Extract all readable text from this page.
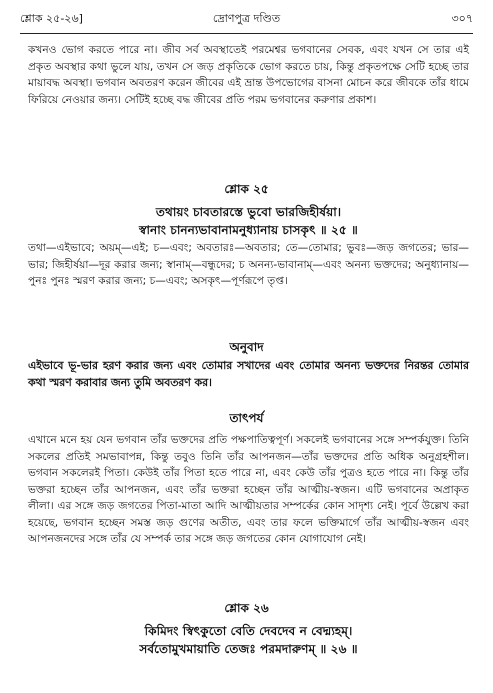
শ্লোক ২৫-২৬]	দ্রোণপুত্র দণ্ডিত	৩০৭
কখনও ভোগ করতে পারে না। জীব সর্ব অবস্থাতেই পরমেশ্বর ভগবানের সেবক, এবং যখন সে তার এই প্রকৃত অবস্থার কথা ভুলে যায়, তখন সে জড় প্রকৃতিকে ভোগ করতে চায়, কিন্তু প্রকৃতপক্ষে সেটি হচ্ছে তার মায়াবদ্ধ অবস্থা। ভগবান অবতরণ করেন জীবের এই ভ্রান্ত উপভোগের বাসনা মোচন করে জীবকে তাঁর ধামে ফিরিয়ে নেওয়ার জন্য। সেটিই হচ্ছে বদ্ধ জীবের প্রতি পরম ভগবানের করুণার প্রকাশ।
শ্লোক ২৫
তথায়ং চাবতারস্তে ভুবো ভারজিহীর্ষয়া।
স্বানাং চানন্যভাবানামনুধ্যানায় চাসকৃৎ ॥ ২৫ ॥
তথা—এইভাবে; অয়ম্—এই; চ—এবং; অবতারঃ—অবতার; তে—তোমার; ভুবঃ—জড় জগতের; ভার—ভার; জিহীর্ষয়া—দূর করার জন্য; স্বানাম্—বন্ধুদের; চ অনন্য-ভাবানাম্—এবং অনন্য ভক্তদের; অনুধ্যানায়—পুনঃ পুনঃ স্মরণ করার জন্য; চ—এবং; অসকৃৎ—পূর্ণরূপে তৃপ্ত।
অনুবাদ
এইভাবে ভূ-ভার হরণ করার জন্য এবং তোমার সখাদের এবং তোমার অনন্য ভক্তদের নিরন্তর তোমার কথা স্মরণ করাবার জন্য তুমি অবতরণ কর।
তাৎপর্য
এখানে মনে হয় যেন ভগবান তাঁর ভক্তদের প্রতি পক্ষপাতিত্বপূর্ণ। সকলেই ভগবানের সঙ্গে সম্পর্কযুক্ত। তিনি সকলের প্রতিই সমভাবাপন্ন, কিন্তু তবুও তিনি তাঁর আপনজন—তাঁর ভক্তদের প্রতি অধিক অনুগ্রহশীল। ভগবান সকলেরই পিতা। কেউই তাঁর পিতা হতে পারে না, এবং কেউ তাঁর পুত্রও হতে পারে না। কিন্তু তাঁর ভক্তরা হচ্ছেন তাঁর আপনজন, এবং তাঁর ভক্তরা হচ্ছেন তাঁর আত্মীয়-স্বজন। এটি ভগবানের অপ্রাকৃত লীলা। এর সঙ্গে জড় জগতের পিতা-মাতা আদি আত্মীয়তার সম্পর্কের কোন সাদৃশ্য নেই। পূর্বে উল্লেখ করা হয়েছে, ভগবান হচ্ছেন সমস্ত জড় গুণের অতীত, এবং তার ফলে ভক্তিমার্গে তাঁর আত্মীয়-স্বজন এবং আপনজনদের সঙ্গে তাঁর যে সম্পর্ক তার সঙ্গে জড় জগতের কোন যোগাযোগ নেই।
শ্লোক ২৬
কিমিদং স্বিৎকুতো বেতি দেবদেব ন বেদ্ম্যহম্।
সর্বতোমুখমায়াতি তেজঃ পরমদারুণম্ ॥ ২৬ ॥
